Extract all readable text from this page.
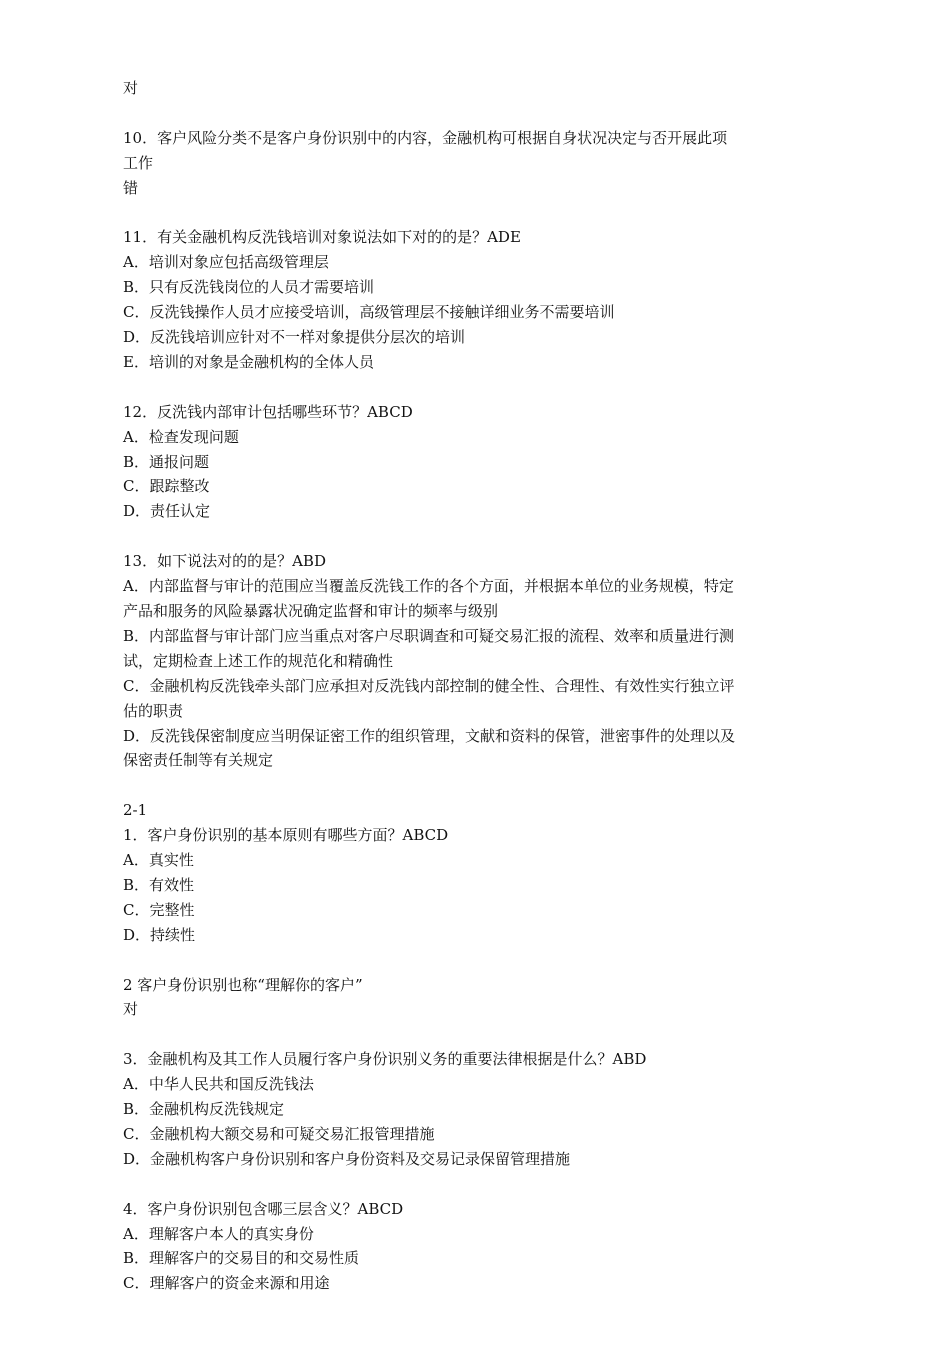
对
10．客户风险分类不是客户身份识别中的内容，金融机构可根据自身状况决定与否开展此项
工作
错
11．有关金融机构反洗钱培训对象说法如下对的的是？ADE
A．培训对象应包括高级管理层
B．只有反洗钱岗位的人员才需要培训
C．反洗钱操作人员才应接受培训，高级管理层不接触详细业务不需要培训
D．反洗钱培训应针对不一样对象提供分层次的培训
E．培训的对象是金融机构的全体人员
12．反洗钱内部审计包括哪些环节？ABCD
A．检查发现问题
B．通报问题
C．跟踪整改
D．责任认定
13．如下说法对的的是？ABD
A．内部监督与审计的范围应当覆盖反洗钱工作的各个方面，并根据本单位的业务规模，特定
产品和服务的风险暴露状况确定监督和审计的频率与级别
B．内部监督与审计部门应当重点对客户尽职调查和可疑交易汇报的流程、效率和质量进行测
试，定期检查上述工作的规范化和精确性
C．金融机构反洗钱牵头部门应承担对反洗钱内部控制的健全性、合理性、有效性实行独立评
估的职责
D．反洗钱保密制度应当明保证密工作的组织管理，文献和资料的保管，泄密事件的处理以及
保密责任制等有关规定
2-1
1．客户身份识别的基本原则有哪些方面？ABCD
A．真实性
B．有效性
C．完整性
D．持续性
2 客户身份识别也称“理解你的客户”
对
3．金融机构及其工作人员履行客户身份识别义务的重要法律根据是什么？ABD
A．中华人民共和国反洗钱法
B．金融机构反洗钱规定
C．金融机构大额交易和可疑交易汇报管理措施
D．金融机构客户身份识别和客户身份资料及交易记录保留管理措施
4．客户身份识别包含哪三层含义？ABCD
A．理解客户本人的真实身份
B．理解客户的交易目的和交易性质
C．理解客户的资金来源和用途
